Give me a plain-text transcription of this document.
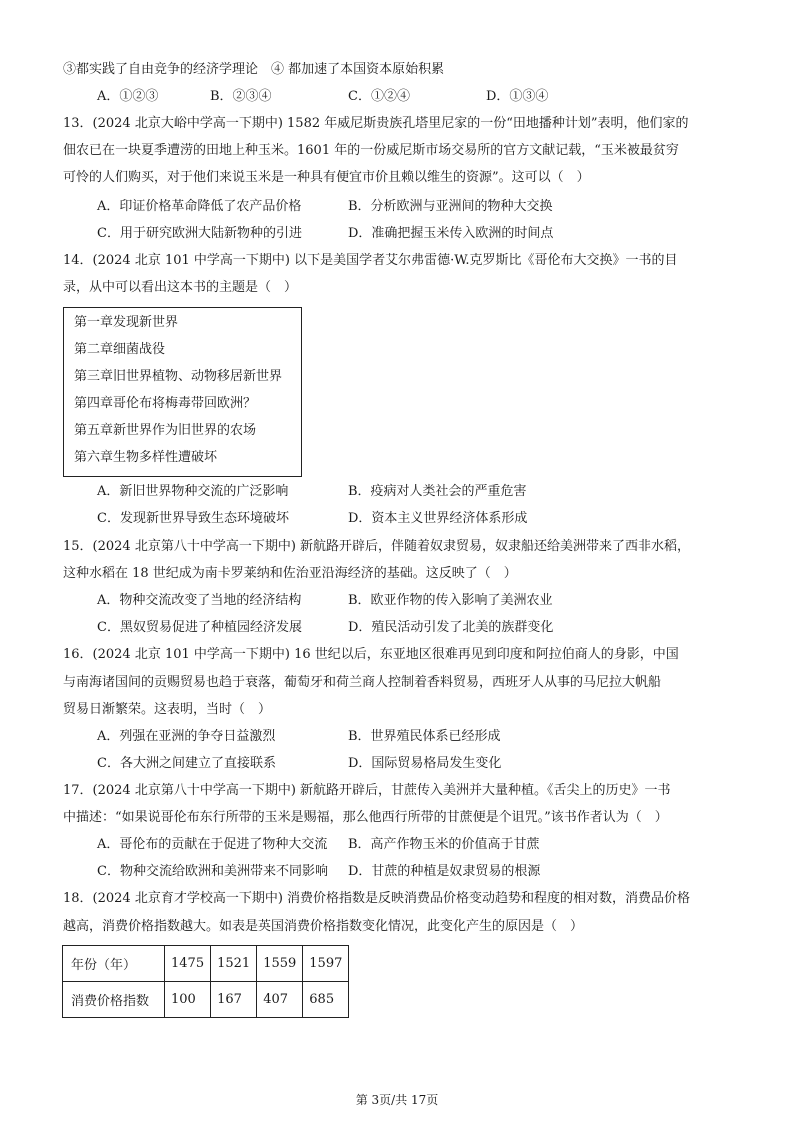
③都实践了自由竞争的经济学理论　④ 都加速了本国资本原始积累
A．①②③	B．②③④	C．①②④	D．①③④
13．(2024 北京大峪中学高一下期中) 1582 年威尼斯贵族孔塔里尼家的一份“田地播种计划”表明，他们家的
佃农已在一块夏季遭涝的田地上种玉米。1601 年的一份威尼斯市场交易所的官方文献记载，“玉米被最贫穷
可怜的人们购买，对于他们来说玉米是一种具有便宜市价且赖以维生的资源”。这可以（　）
A．印证价格革命降低了农产品价格	B．分析欧洲与亚洲间的物种大交换
C．用于研究欧洲大陆新物种的引进	D．准确把握玉米传入欧洲的时间点
14．(2024 北京 101 中学高一下期中) 以下是美国学者艾尔弗雷德·W.克罗斯比《哥伦布大交换》一书的目
录，从中可以看出这本书的主题是（　）
第一章发现新世界
第二章细菌战役
第三章旧世界植物、动物移居新世界
第四章哥伦布将梅毒带回欧洲？
第五章新世界作为旧世界的农场
第六章生物多样性遭破坏
A．新旧世界物种交流的广泛影响	B．疫病对人类社会的严重危害
C．发现新世界导致生态环境破坏	D．资本主义世界经济体系形成
15．(2024 北京第八十中学高一下期中) 新航路开辟后，伴随着奴隶贸易，奴隶船还给美洲带来了西非水稻，
这种水稻在 18 世纪成为南卡罗莱纳和佐治亚沿海经济的基础。这反映了（　）
A．物种交流改变了当地的经济结构	B．欧亚作物的传入影响了美洲农业
C．黑奴贸易促进了种植园经济发展	D．殖民活动引发了北美的族群变化
16．(2024 北京 101 中学高一下期中) 16 世纪以后，东亚地区很难再见到印度和阿拉伯商人的身影，中国
与南海诸国间的贡赐贸易也趋于衰落，葡萄牙和荷兰商人控制着香料贸易，西班牙人从事的马尼拉大帆船
贸易日渐繁荣。这表明，当时（　）
A．列强在亚洲的争夺日益激烈	B．世界殖民体系已经形成
C．各大洲之间建立了直接联系	D．国际贸易格局发生变化
17．(2024 北京第八十中学高一下期中) 新航路开辟后，甘蔗传入美洲并大量种植。《舌尖上的历史》一书
中描述：“如果说哥伦布东行所带的玉米是赐福，那么他西行所带的甘蔗便是个诅咒。”该书作者认为（　）
A．哥伦布的贡献在于促进了物种大交流 B．高产作物玉米的价值高于甘蔗
C．物种交流给欧洲和美洲带来不同影响 D．甘蔗的种植是奴隶贸易的根源
18．(2024 北京育才学校高一下期中) 消费价格指数是反映消费品价格变动趋势和程度的相对数，消费品价格
越高，消费价格指数越大。如表是英国消费价格指数变化情况，此变化产生的原因是（　）
年份（年）	1475	1521	1559	1597
消费价格指数	100	167	407	685
第 3页/共 17页
